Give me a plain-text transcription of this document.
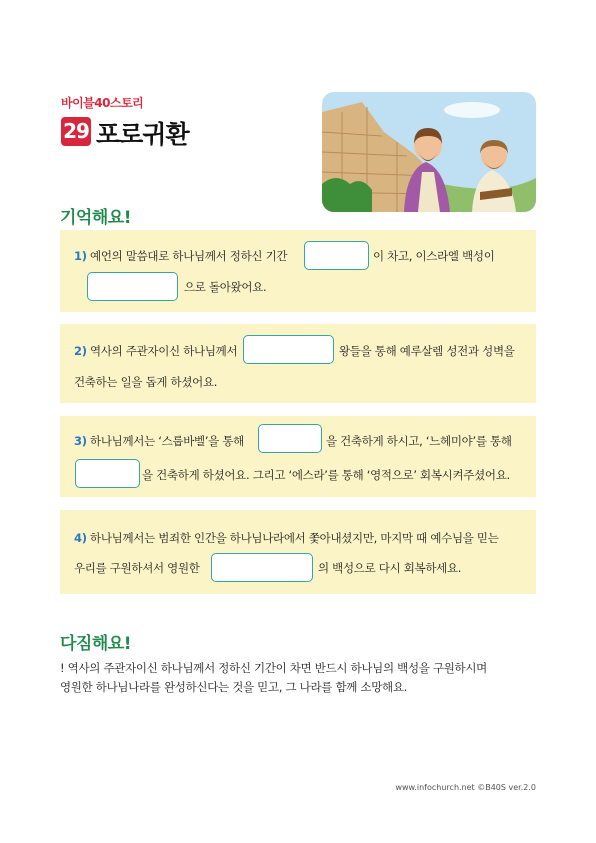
바이블40스토리
29 포로귀환
기억해요!
1) 예언의 말씀대로 하나님께서 정하신 기간	이 차고, 이스라엘 백성이
으로 돌아왔어요.
2) 역사의 주관자이신 하나님께서	왕들을 통해 예루살렘 성전과 성벽을
건축하는 일을 돕게 하셨어요.
3) 하나님께서는 ‘스룹바벨’을 통해	을 건축하게 하시고, ‘느헤미야’를 통해
을 건축하게 하셨어요. 그리고 ‘에스라’를 통해 ‘영적으로’ 회복시켜주셨어요.
4) 하나님께서는 범죄한 인간을 하나님나라에서 쫓아내셨지만, 마지막 때 예수님을 믿는
우리를 구원하셔서 영원한	의 백성으로 다시 회복하세요.
다짐해요!
! 역사의 주관자이신 하나님께서 정하신 기간이 차면 반드시 하나님의 백성을 구원하시며
영원한 하나님나라를 완성하신다는 것을 믿고, 그 나라를 함께 소망해요.
www.infochurch.net ©B40S ver.2.0
